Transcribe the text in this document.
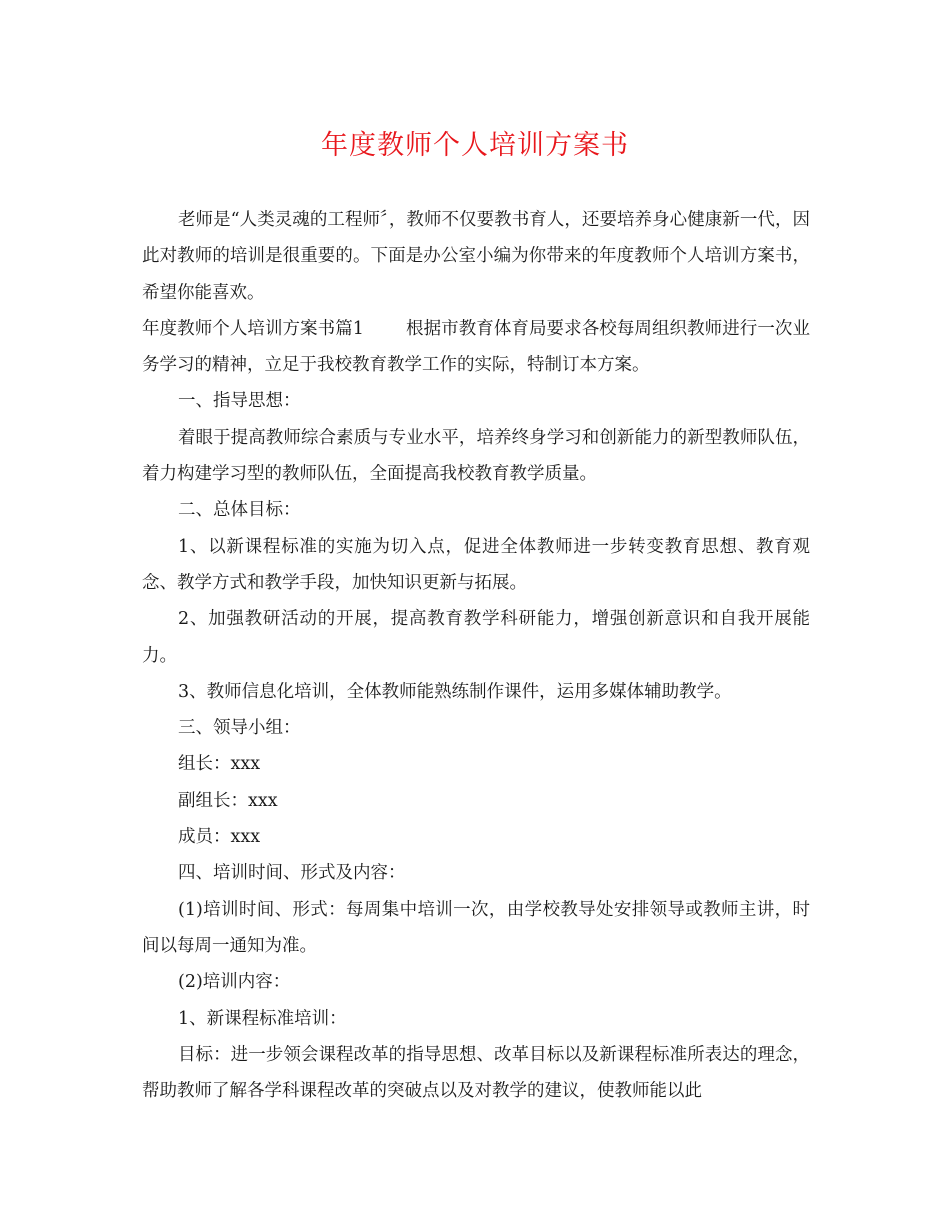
年度教师个人培训方案书

老师是“人类灵魂的工程师〞，教师不仅要教书育人，还要培养身心健康新一代，因此对教师的培训是很重要的。下面是办公室小编为你带来的年度教师个人培训方案书，希望你能喜欢。

年度教师个人培训方案书篇1 根据市教育体育局要求各校每周组织教师进行一次业务学习的精神，立足于我校教育教学工作的实际，特制订本方案。

一、指导思想：

着眼于提高教师综合素质与专业水平，培养终身学习和创新能力的新型教师队伍，着力构建学习型的教师队伍，全面提高我校教育教学质量。

二、总体目标：

1、以新课程标准的实施为切入点，促进全体教师进一步转变教育思想、教育观念、教学方式和教学手段，加快知识更新与拓展。

2、加强教研活动的开展，提高教育教学科研能力，增强创新意识和自我开展能力。

3、教师信息化培训，全体教师能熟练制作课件，运用多媒体辅助教学。

三、领导小组：

组长：xxx

副组长：xxx

成员：xxx

四、培训时间、形式及内容：

(1)培训时间、形式：每周集中培训一次，由学校教导处安排领导或教师主讲，时间以每周一通知为准。

(2)培训内容：

1、新课程标准培训：

目标：进一步领会课程改革的指导思想、改革目标以及新课程标准所表达的理念，帮助教师了解各学科课程改革的突破点以及对教学的建议，使教师能以此
